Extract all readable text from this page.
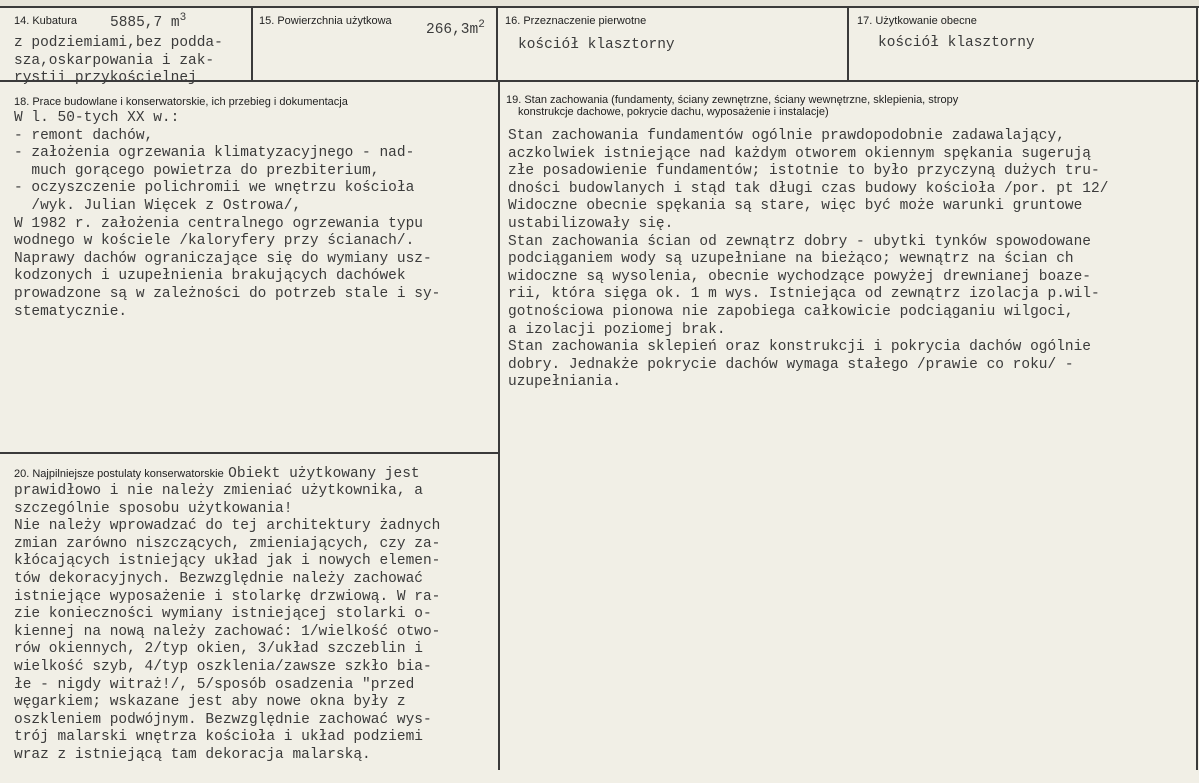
14. Kubatura 5885,7 $m^3$
z podziemiami,bez podda-
sza,oskarpowania i zak-
rystii przykościelnej
15. Powierzchnia użytkowa
$266,3m^2$ 16. Przeznaczenie pierwotne
kościół klasztorny
17. Użytkowanie obecne
kościół klasztorny
18. Prace budowlane i konserwatorskie, ich przebieg i dokumentacja
W l. 50-tych XX w.:
- remont dachów,
- założenia ogrzewania klimatyzacyjnego - nad-
much gorącego powietrza do prezbiterium,
- oczyszczenie polichromii we wnętrzu kościoła
/wyk. Julian Więcek z Ostrowa/,
W 1982 r. założenia centralnego ogrzewania typu
wodnego w kościele /kaloryfery przy ścianach/.
Naprawy dachów ograniczające się do wymiany usz-
kodzonych i uzupełnienia brakujących dachówek
prowadzone są w zależności do potrzeb stale i sy-
stematycznie.
19. Stan zachowania (fundamenty, ściany zewnętrzne, ściany wewnętrzne, sklepienia, stropy
konstrukcje dachowe, pokrycie dachu, wyposażenie i instalacje)
Stan zachowania fundamentów ogólnie prawdopodobnie zadawalający,
aczkolwiek istniejące nad każdym otworem okiennym spękania sugerują
złe posadowienie fundamentów; istotnie to było przyczyną dużych tru-
dności budowlanych i stąd tak długi czas budowy kościoła /por. pt 12/
Widoczne obecnie spękania są stare, więc być może warunki gruntowe
ustabilizowały się.
Stan zachowania ścian od zewnątrz dobry - ubytki tynków spowodowane
podciąganiem wody są uzupełniane na bieżąco; wewnątrz na ścian ch
widoczne są wysolenia, obecnie wychodzące powyżej drewnianej boaze-
rii, która sięga ok. 1 m wys. Istniejąca od zewnątrz izolacja p.wil-
gotnościowa pionowa nie zapobiega całkowicie podciąganiu wilgoci,
a izolacji poziomej brak.
Stan zachowania sklepień oraz konstrukcji i pokrycia dachów ogólnie
dobry. Jednakże pokrycie dachów wymaga stałego /prawie co roku/ -
uzupełniania.
20. Najpilniejsze postulaty konserwatorskie Obiekt użytkowany jest
prawidłowo i nie należy zmieniać użytkownika, a
szczególnie sposobu użytkowania!
Nie należy wprowadzać do tej architektury żadnych
zmian zarówno niszczących, zmieniających, czy za-
kłócających istniejący układ jak i nowych elemen-
tów dekoracyjnych. Bezwzględnie należy zachować
istniejące wyposażenie i stolarkę drzwiową. W ra-
zie konieczności wymiany istniejącej stolarki o-
kiennej na nową należy zachować: 1/wielkość otwo-
rów okiennych, 2/typ okien, 3/układ szczeblin i
wielkość szyb, 4/typ oszklenia/zawsze szkło bia-
łe - nigdy witraż!/, 5/sposób osadzenia "przed
węgarkiem; wskazane jest aby nowe okna były z
oszkleniem podwójnym. Bezwzględnie zachować wys-
trój malarski wnętrza kościoła i układ podziemi
wraz z istniejącą tam dekoracja malarską.
